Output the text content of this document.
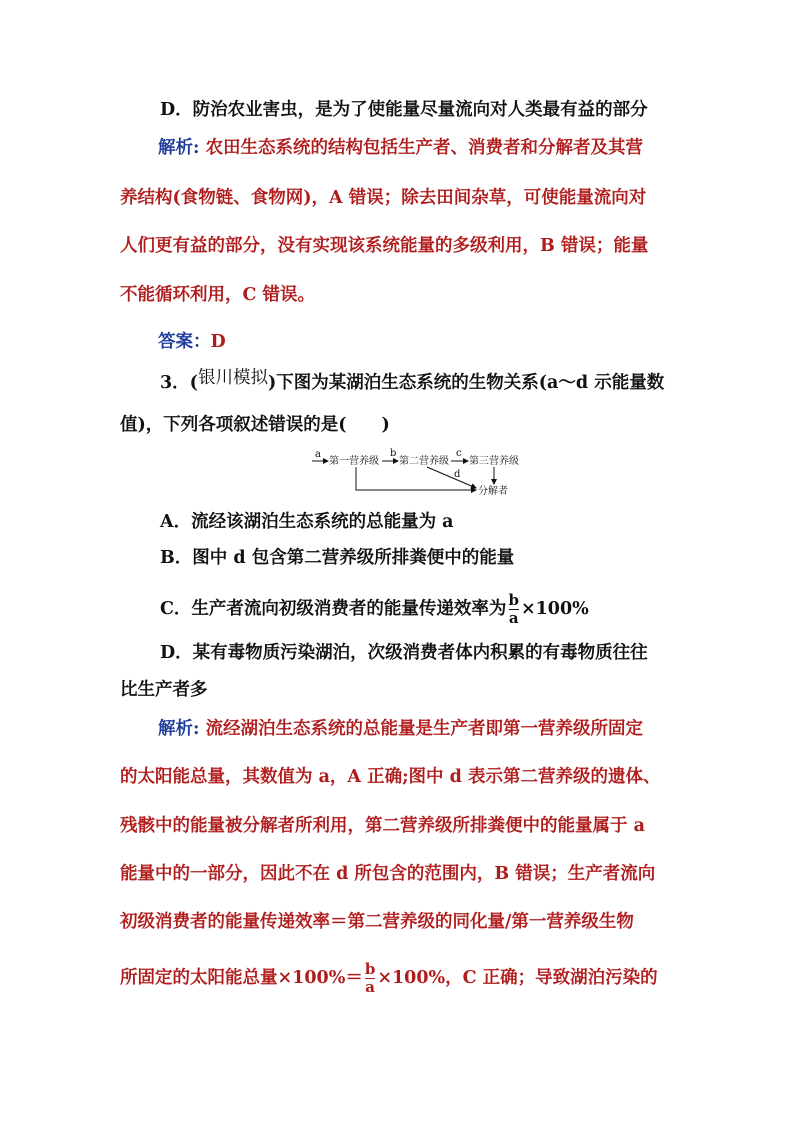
D．防治农业害虫，是为了使能量尽量流向对人类最有益的部分
解析: 农田生态系统的结构包括生产者、消费者和分解者及其营
养结构(食物链、食物网)，A 错误；除去田间杂草，可使能量流向对
人们更有益的部分，没有实现该系统能量的多级利用，B 错误；能量
不能循环利用，C 错误。
答案：D
3．(银川模拟)下图为某湖泊生态系统的生物关系(a～d 示能量数
值)，下列各项叙述错误的是(　　)
a
第一营养级
b
第二营养级
c
第三营养级
d
分解者
A．流经该湖泊生态系统的总能量为 a
B．图中 d 包含第二营养级所排粪便中的能量
C．生产者流向初级消费者的能量传递效率为 $\frac{b}{a} \times 100\%$
D．某有毒物质污染湖泊，次级消费者体内积累的有毒物质往往
比生产者多
解析: 流经湖泊生态系统的总能量是生产者即第一营养级所固定
的太阳能总量，其数值为 a，A 正确;图中 d 表示第二营养级的遗体、
残骸中的能量被分解者所利用，第二营养级所排粪便中的能量属于 a
能量中的一部分，因此不在 d 所包含的范围内，B 错误；生产者流向
初级消费者的能量传递效率＝第二营养级的同化量/第一营养级生物
所固定的太阳能总量$\times 100\%= \frac{b}{a} \times 100\%$，C 正确；导致湖泊污染的
